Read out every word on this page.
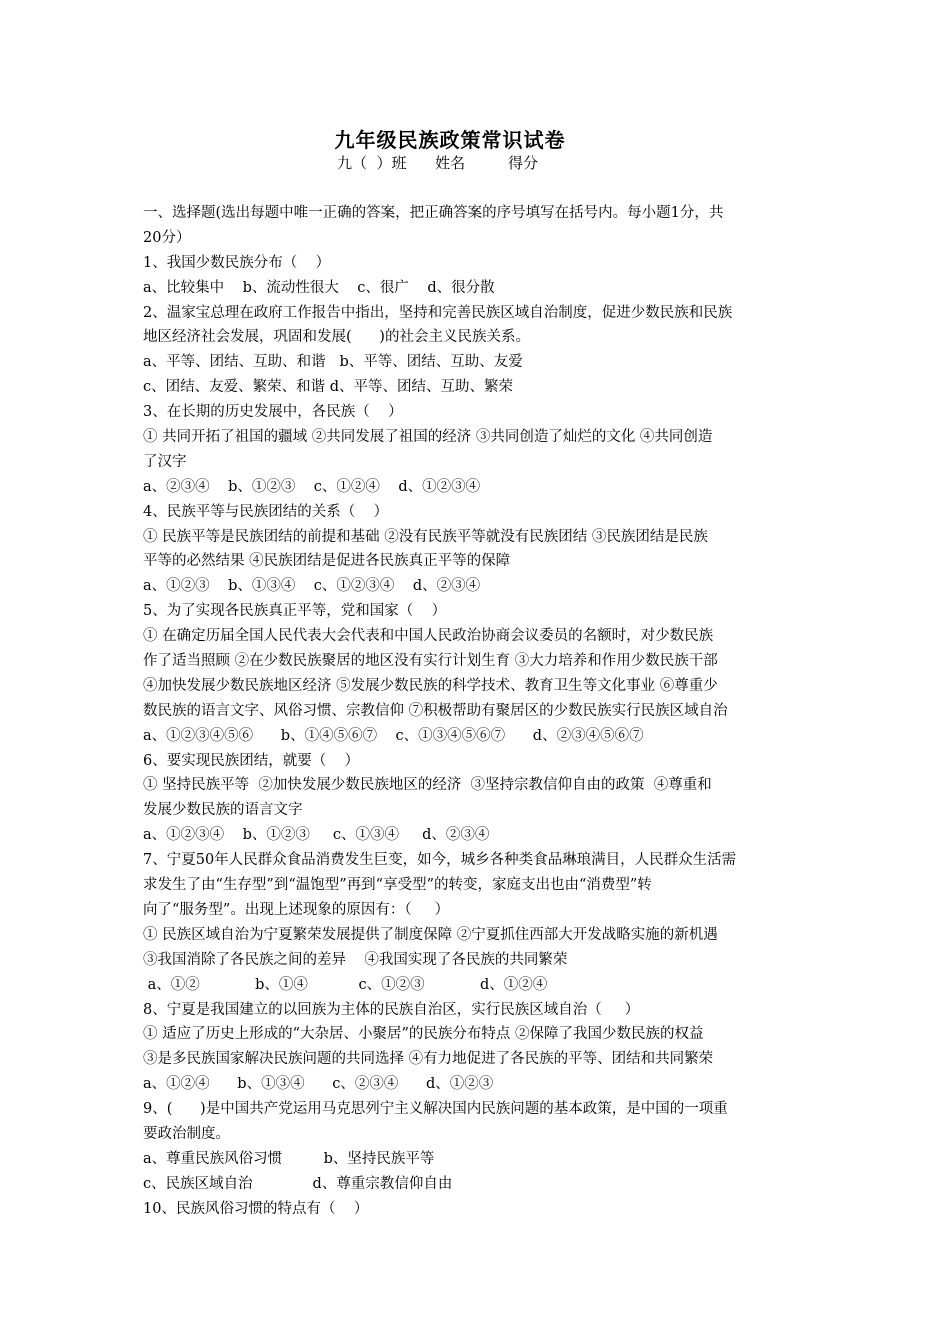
九年级民族政策常识试卷
九（  ）班      姓名         得分
一、选择题(选出每题中唯一正确的答案，把正确答案的序号填写在括号内。每小题1分，共
20分）
1、我国少数民族分布（    ）
a、比较集中    b、流动性很大    c、很广    d、很分散
2、温家宝总理在政府工作报告中指出，坚持和完善民族区域自治制度，促进少数民族和民族
地区经济社会发展，巩固和发展(      )的社会主义民族关系。
a、平等、团结、互助、和谐   b、平等、团结、互助、友爱
c、团结、友爱、繁荣、和谐 d、平等、团结、互助、繁荣
3、在长期的历史发展中，各民族（    ）
① 共同开拓了祖国的疆域 ②共同发展了祖国的经济 ③共同创造了灿烂的文化 ④共同创造
了汉字
a、②③④    b、①②③    c、①②④    d、①②③④
4、民族平等与民族团结的关系（    ）
① 民族平等是民族团结的前提和基础 ②没有民族平等就没有民族团结 ③民族团结是民族
平等的必然结果 ④民族团结是促进各民族真正平等的保障
a、①②③    b、①③④    c、①②③④    d、②③④
5、为了实现各民族真正平等，党和国家（    ）
① 在确定历届全国人民代表大会代表和中国人民政治协商会议委员的名额时，对少数民族
作了适当照顾 ②在少数民族聚居的地区没有实行计划生育 ③大力培养和作用少数民族干部
④加快发展少数民族地区经济 ⑤发展少数民族的科学技术、教育卫生等文化事业 ⑥尊重少
数民族的语言文字、风俗习惯、宗教信仰 ⑦积极帮助有聚居区的少数民族实行民族区域自治
a、①②③④⑤⑥      b、①④⑤⑥⑦    c、①③④⑤⑥⑦      d、②③④⑤⑥⑦
6、要实现民族团结，就要（    ）
① 坚持民族平等  ②加快发展少数民族地区的经济  ③坚持宗教信仰自由的政策  ④尊重和
发展少数民族的语言文字
a、①②③④    b、①②③     c、①③④     d、②③④
7、宁夏50年人民群众食品消费发生巨变，如今，城乡各种类食品琳琅满目，人民群众生活需
求发生了由“生存型”到“温饱型”再到“享受型”的转变，家庭支出也由“消费型”转
向了“服务型”。出现上述现象的原因有：（     ）
① 民族区域自治为宁夏繁荣发展提供了制度保障 ②宁夏抓住西部大开发战略实施的新机遇
③我国消除了各民族之间的差异    ④我国实现了各民族的共同繁荣
a、①②            b、①④           c、①②③            d、①②④
8、宁夏是我国建立的以回族为主体的民族自治区，实行民族区域自治（     ）
① 适应了历史上形成的“大杂居、小聚居”的民族分布特点 ②保障了我国少数民族的权益
③是多民族国家解决民族问题的共同选择 ④有力地促进了各民族的平等、团结和共同繁荣
a、①②④      b、①③④      c、②③④      d、①②③
9、(      )是中国共产党运用马克思列宁主义解决国内民族问题的基本政策，是中国的一项重
要政治制度。
a、尊重民族风俗习惯         b、坚持民族平等
c、民族区域自治             d、尊重宗教信仰自由
10、民族风俗习惯的特点有（    ）
